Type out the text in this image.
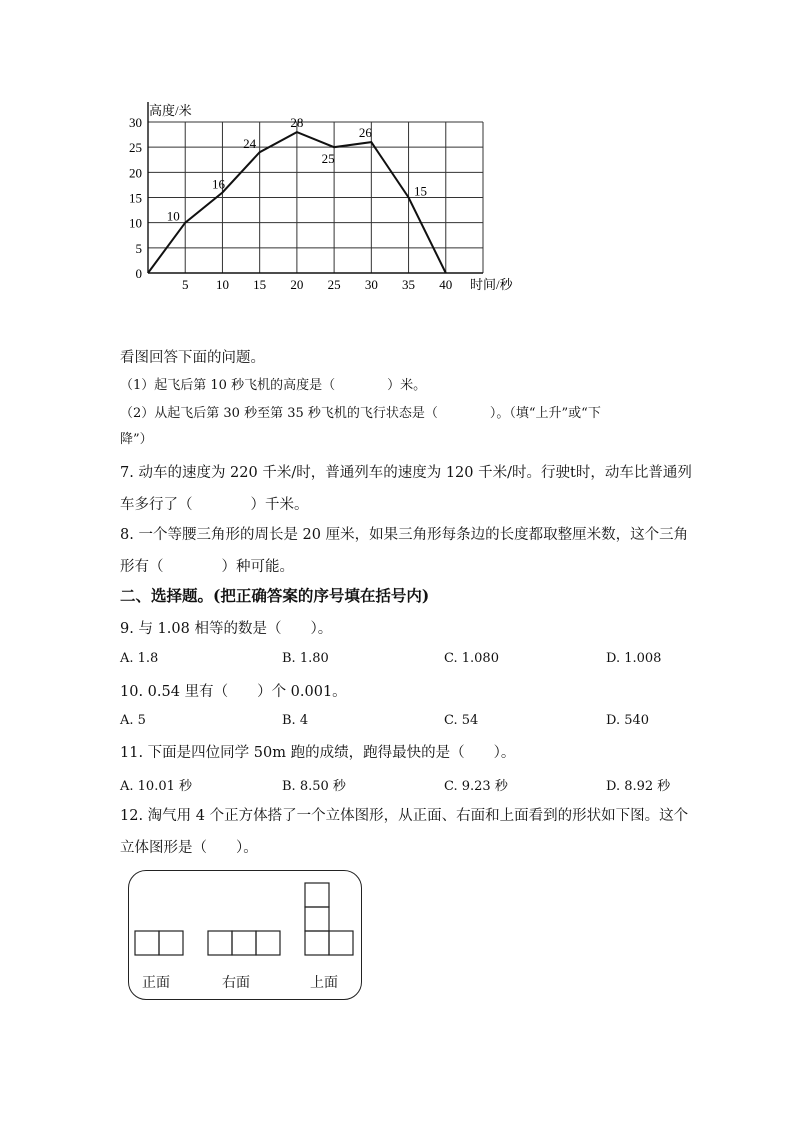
5 10 15 20 25 30 35 40
0
5
10
15
20
25
30
10
16
24
28
25
26
15
高度/米
时间/秒
看图回答下面的问题。
（1）起飞后第 10 秒飞机的高度是（　　　　）米。
（2）从起飞后第 30 秒至第 35 秒飞机的飞行状态是（　　　　）。（填“上升”或“下
降”）
7. 动车的速度为 220 千米/时，普通列车的速度为 120 千米/时。行驶t时，动车比普通列
车多行了（　　　　）千米。
8. 一个等腰三角形的周长是 20 厘米，如果三角形每条边的长度都取整厘米数，这个三角
形有（　　　　）种可能。
二、选择题。(把正确答案的序号填在括号内)
9. 与 1.08 相等的数是（　　）。
A. 1.8	B. 1.80	C. 1.080	D. 1.008
10. 0.54 里有（　　）个 0.001。
A. 5	B. 4	C. 54	D. 540
11. 下面是四位同学 50m 跑的成绩，跑得最快的是（　　）。
A. 10.01 秒	B. 8.50 秒	C. 9.23 秒	D. 8.92 秒
12. 淘气用 4 个正方体搭了一个立体图形，从正面、右面和上面看到的形状如下图。这个
立体图形是（　　）。
正面	右面	上面
